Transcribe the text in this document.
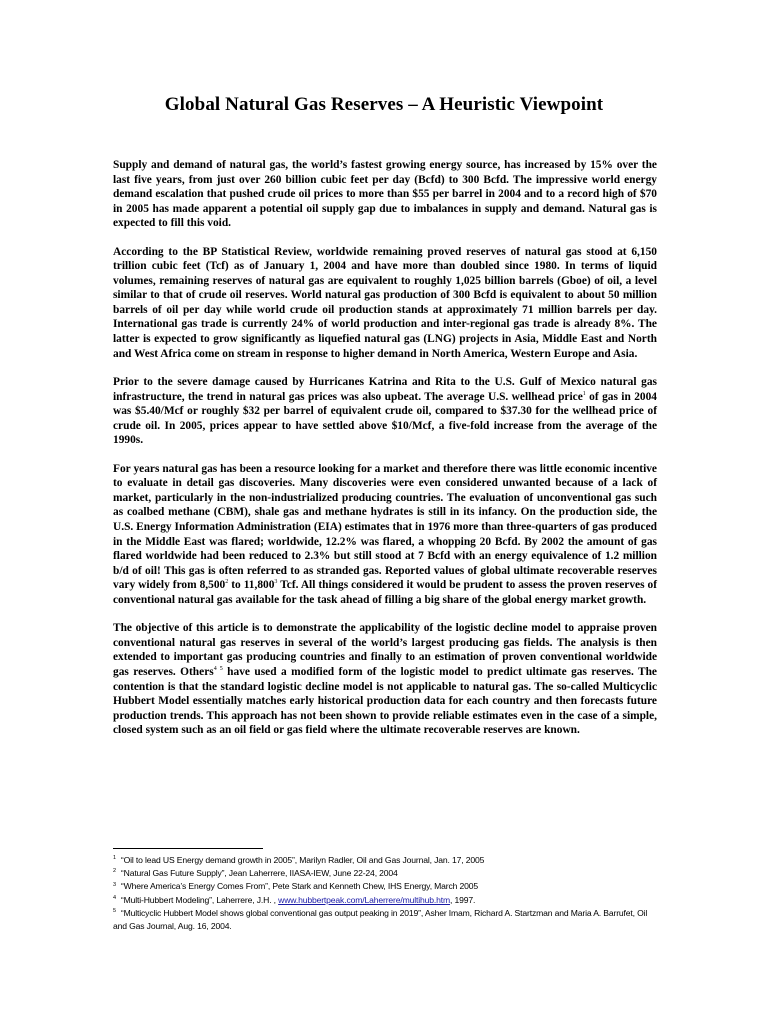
Global Natural Gas Reserves – A Heuristic Viewpoint

Supply and demand of natural gas, the world’s fastest growing energy source, has increased by 15% over the last five years, from just over 260 billion cubic feet per day (Bcfd) to 300 Bcfd. The impressive world energy demand escalation that pushed crude oil prices to more than $55 per barrel in 2004 and to a record high of $70 in 2005 has made apparent a potential oil supply gap due to imbalances in supply and demand. Natural gas is expected to fill this void.

According to the BP Statistical Review, worldwide remaining proved reserves of natural gas stood at 6,150 trillion cubic feet (Tcf) as of January 1, 2004 and have more than doubled since 1980. In terms of liquid volumes, remaining reserves of natural gas are equivalent to roughly 1,025 billion barrels (Gboe) of oil, a level similar to that of crude oil reserves. World natural gas production of 300 Bcfd is equivalent to about 50 million barrels of oil per day while world crude oil production stands at approximately 71 million barrels per day. International gas trade is currently 24% of world production and inter-regional gas trade is already 8%. The latter is expected to grow significantly as liquefied natural gas (LNG) projects in Asia, Middle East and North and West Africa come on stream in response to higher demand in North America, Western Europe and Asia.

Prior to the severe damage caused by Hurricanes Katrina and Rita to the U.S. Gulf of Mexico natural gas infrastructure, the trend in natural gas prices was also upbeat. The average U.S. wellhead price$^1$ of gas in 2004 was $5.40/Mcf or roughly $32 per barrel of equivalent crude oil, compared to $37.30 for the wellhead price of crude oil. In 2005, prices appear to have settled above $10/Mcf, a five-fold increase from the average of the 1990s.

For years natural gas has been a resource looking for a market and therefore there was little economic incentive to evaluate in detail gas discoveries. Many discoveries were even considered unwanted because of a lack of market, particularly in the non-industrialized producing countries. The evaluation of unconventional gas such as coalbed methane (CBM), shale gas and methane hydrates is still in its infancy. On the production side, the U.S. Energy Information Administration (EIA) estimates that in 1976 more than three-quarters of gas produced in the Middle East was flared; worldwide, 12.2% was flared, a whopping 20 Bcfd. By 2002 the amount of gas flared worldwide had been reduced to 2.3% but still stood at 7 Bcfd with an energy equivalence of 1.2 million b/d of oil! This gas is often referred to as stranded gas. Reported values of global ultimate recoverable reserves vary widely from 8,500$^2$ to 11,800$^3$ Tcf. All things considered it would be prudent to assess the proven reserves of conventional natural gas available for the task ahead of filling a big share of the global energy market growth.

The objective of this article is to demonstrate the applicability of the logistic decline model to appraise proven conventional natural gas reserves in several of the world’s largest producing gas fields. The analysis is then extended to important gas producing countries and finally to an estimation of proven conventional worldwide gas reserves. Others$^{4 5}$ have used a modified form of the logistic model to predict ultimate gas reserves. The contention is that the standard logistic decline model is not applicable to natural gas. The so-called Multicyclic Hubbert Model essentially matches early historical production data for each country and then forecasts future production trends. This approach has not been shown to provide reliable estimates even in the case of a simple, closed system such as an oil field or gas field where the ultimate recoverable reserves are known.

$^1$ “Oil to lead US Energy demand growth in 2005”, Marilyn Radler, Oil and Gas Journal, Jan. 17, 2005

$^2$ “Natural Gas Future Supply”, Jean Laherrere, IIASA-IEW, June 22-24, 2004

$^3$ “Where America’s Energy Comes From”, Pete Stark and Kenneth Chew, IHS Energy, March 2005

$^4$ “Multi-Hubbert Modeling”, Laherrere, J.H. , www.hubbertpeak.com/Laherrere/multihub.htm, 1997.

$^5$ “Multicyclic Hubbert Model shows global conventional gas output peaking in 2019”, Asher Imam, Richard A. Startzman and Maria A. Barrufet, Oil and Gas Journal, Aug. 16, 2004.
